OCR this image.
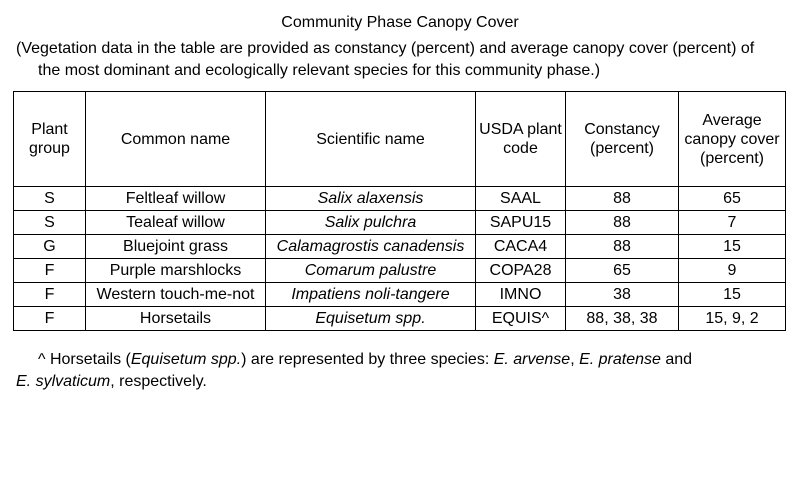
Community Phase Canopy Cover
(Vegetation data in the table are provided as constancy (percent) and average canopy cover (percent) of
the most dominant and ecologically relevant species for this community phase.)
Plant group	Common name	Scientific name	USDA plant code	Constancy (percent)	Average canopy cover (percent)
S	Feltleaf willow	Salix alaxensis	SAAL	88	65
S	Tealeaf willow	Salix pulchra	SAPU15	88	7
G	Bluejoint grass	Calamagrostis canadensis	CACA4	88	15
F	Purple marshlocks	Comarum palustre	COPA28	65	9
F	Western touch-me-not	Impatiens noli-tangere	IMNO	38	15
F	Horsetails	Equisetum spp.	EQUIS^	88, 38, 38	15, 9, 2
^ Horsetails (Equisetum spp.) are represented by three species: E. arvense, E. pratense and
E. sylvaticum, respectively.
